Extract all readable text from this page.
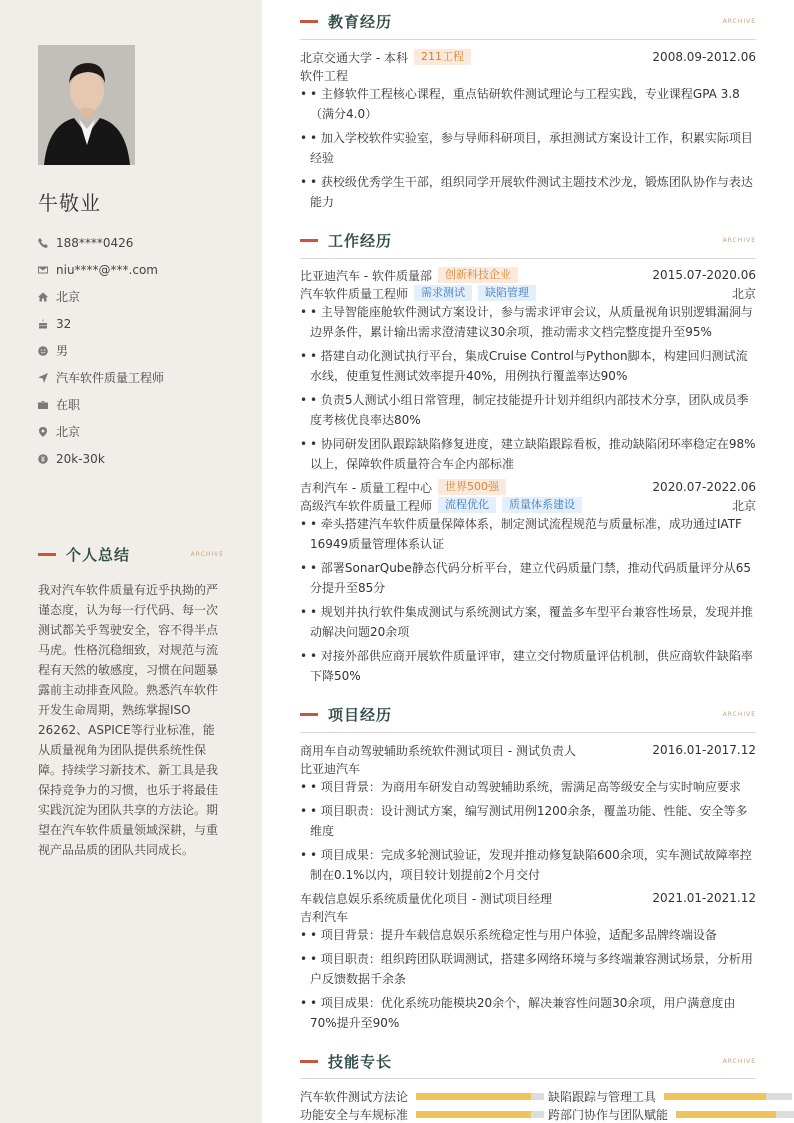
牛敬业
188****0426
niu****@***.com
北京
32
男
汽车软件质量工程师
在职
北京
20k-30k
个人总结	ARCHIVE
我对汽车软件质量有近乎执拗的严谨态度，认为每一行代码、每一次测试都关乎驾驶安全，容不得半点马虎。性格沉稳细致，对规范与流程有天然的敏感度，习惯在问题暴露前主动排查风险。熟悉汽车软件开发生命周期，熟练掌握ISO 26262、ASPICE等行业标准，能从质量视角为团队提供系统性保障。持续学习新技术、新工具是我保持竞争力的习惯，也乐于将最佳实践沉淀为团队共享的方法论。期望在汽车软件质量领域深耕，与重视产品品质的团队共同成长。
教育经历	ARCHIVE
北京交通大学 - 本科	211工程	2008.09-2012.06
软件工程
• • 主修软件工程核心课程，重点钻研软件测试理论与工程实践，专业课程GPA 3.8（满分4.0）
• • 加入学校软件实验室，参与导师科研项目，承担测试方案设计工作，积累实际项目经验
• • 获校级优秀学生干部，组织同学开展软件测试主题技术沙龙，锻炼团队协作与表达能力
工作经历	ARCHIVE
比亚迪汽车 - 软件质量部	创新科技企业	2015.07-2020.06
汽车软件质量工程师	需求测试	缺陷管理	北京
• • 主导智能座舱软件测试方案设计，参与需求评审会议，从质量视角识别逻辑漏洞与边界条件，累计输出需求澄清建议30余项，推动需求文档完整度提升至95%
• • 搭建自动化测试执行平台，集成Cruise Control与Python脚本，构建回归测试流水线，使重复性测试效率提升40%，用例执行覆盖率达90%
• • 负责5人测试小组日常管理，制定技能提升计划并组织内部技术分享，团队成员季度考核优良率达80%
• • 协同研发团队跟踪缺陷修复进度，建立缺陷跟踪看板，推动缺陷闭环率稳定在98%以上，保障软件质量符合车企内部标准
吉利汽车 - 质量工程中心	世界500强	2020.07-2022.06
高级汽车软件质量工程师	流程优化	质量体系建设	北京
• • 牵头搭建汽车软件质量保障体系，制定测试流程规范与质量标准，成功通过IATF 16949质量管理体系认证
• • 部署SonarQube静态代码分析平台，建立代码质量门禁，推动代码质量评分从65分提升至85分
• • 规划并执行软件集成测试与系统测试方案，覆盖多车型平台兼容性场景，发现并推动解决问题20余项
• • 对接外部供应商开展软件质量评审，建立交付物质量评估机制，供应商软件缺陷率下降50%
项目经历	ARCHIVE
商用车自动驾驶辅助系统软件测试项目 - 测试负责人	2016.01-2017.12
比亚迪汽车
• • 项目背景：为商用车研发自动驾驶辅助系统，需满足高等级安全与实时响应要求
• • 项目职责：设计测试方案，编写测试用例1200余条，覆盖功能、性能、安全等多维度
• • 项目成果：完成多轮测试验证，发现并推动修复缺陷600余项，实车测试故障率控制在0.1%以内，项目较计划提前2个月交付
车载信息娱乐系统质量优化项目 - 测试项目经理	2021.01-2021.12
吉利汽车
• • 项目背景：提升车载信息娱乐系统稳定性与用户体验，适配多品牌终端设备
• • 项目职责：组织跨团队联调测试，搭建多网络环境与多终端兼容测试场景，分析用户反馈数据千余条
• • 项目成果：优化系统功能模块20余个，解决兼容性问题30余项，用户满意度由70%提升至90%
技能专长	ARCHIVE
汽车软件测试方法论	缺陷跟踪与管理工具
功能安全与车规标准	跨部门协作与团队赋能
